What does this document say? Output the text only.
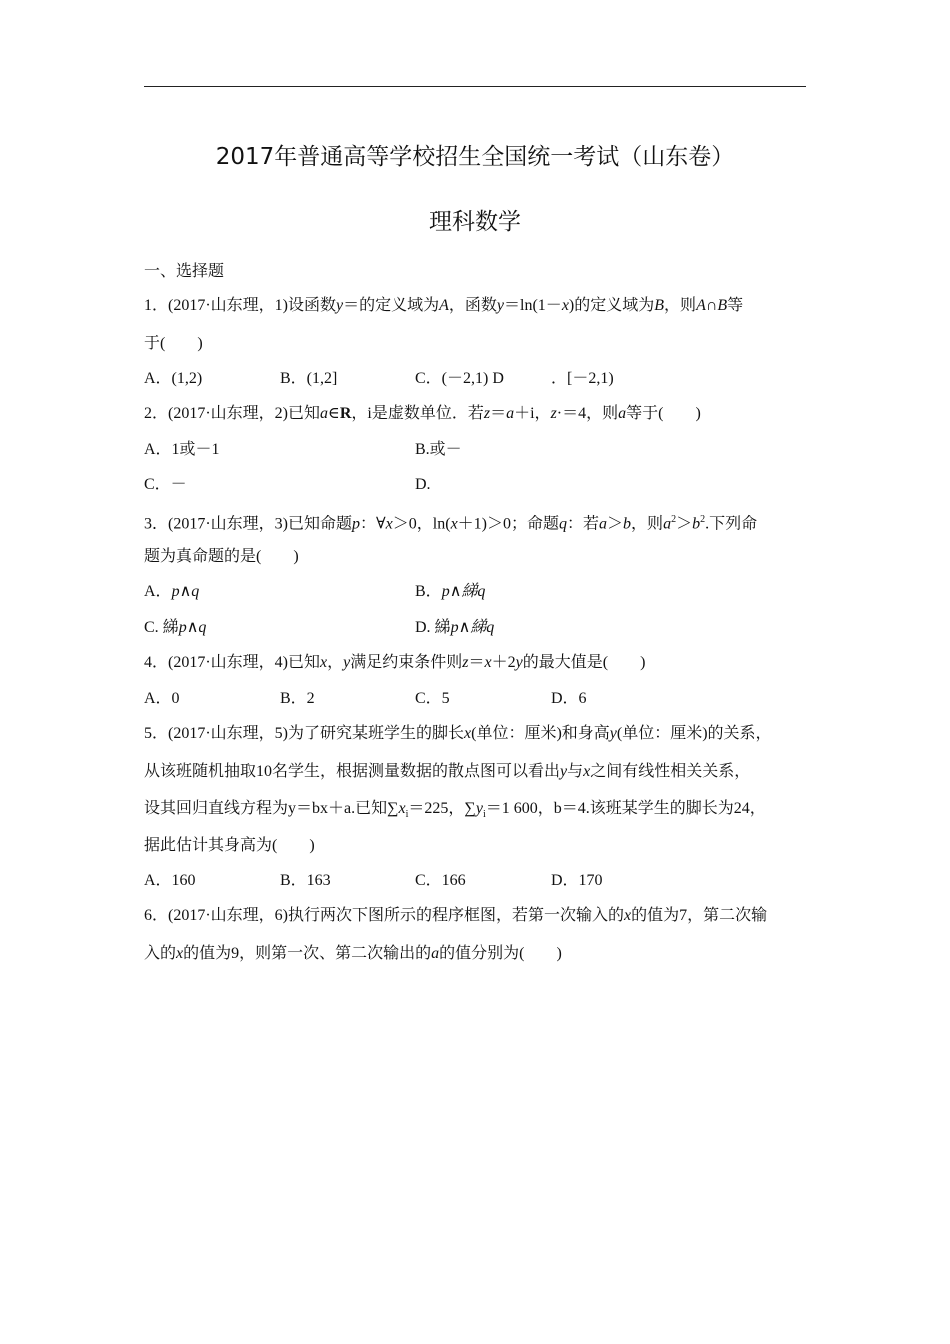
2017年普通高等学校招生全国统一考试（山东卷）
理科数学
一、选择题
1．(2017·山东理，1)设函数y＝的定义域为A，函数y＝ln(1－x)的定义域为B，则A∩B等
于(　　)
A．(1,2)	B．(1,2]	C．(－2,1) D	．[－2,1)
2．(2017·山东理，2)已知a∈R，i是虚数单位．若z＝a＋i，z·＝4，则a等于(　　)
A．1或－1	B.或－
C．－	D.
3．(2017·山东理，3)已知命题p：∀x＞0，ln(x＋1)＞0；命题q：若a＞b，则$a^2>b^2$.下列命
题为真命题的是(　　)
A．p∧q	B．p∧綈q
C. 綈p∧q	D. 綈p∧綈q
4．(2017·山东理，4)已知x，y满足约束条件则z＝x＋2y的最大值是(　　)
A．0	B．2	C．5	D．6
5．(2017·山东理，5)为了研究某班学生的脚长x(单位：厘米)和身高y(单位：厘米)的关系，
从该班随机抽取10名学生，根据测量数据的散点图可以看出y与x之间有线性相关关系，
设其回归直线方程为y＝bx＋a.已知$\sum x_i=225$，$\sum y_i=1$ 600，b＝4.该班某学生的脚长为24，
据此估计其身高为(　　)
A．160	B．163	C．166	D．170
6．(2017·山东理，6)执行两次下图所示的程序框图，若第一次输入的x的值为7，第二次输
入的x的值为9，则第一次、第二次输出的a的值分别为(　　)
